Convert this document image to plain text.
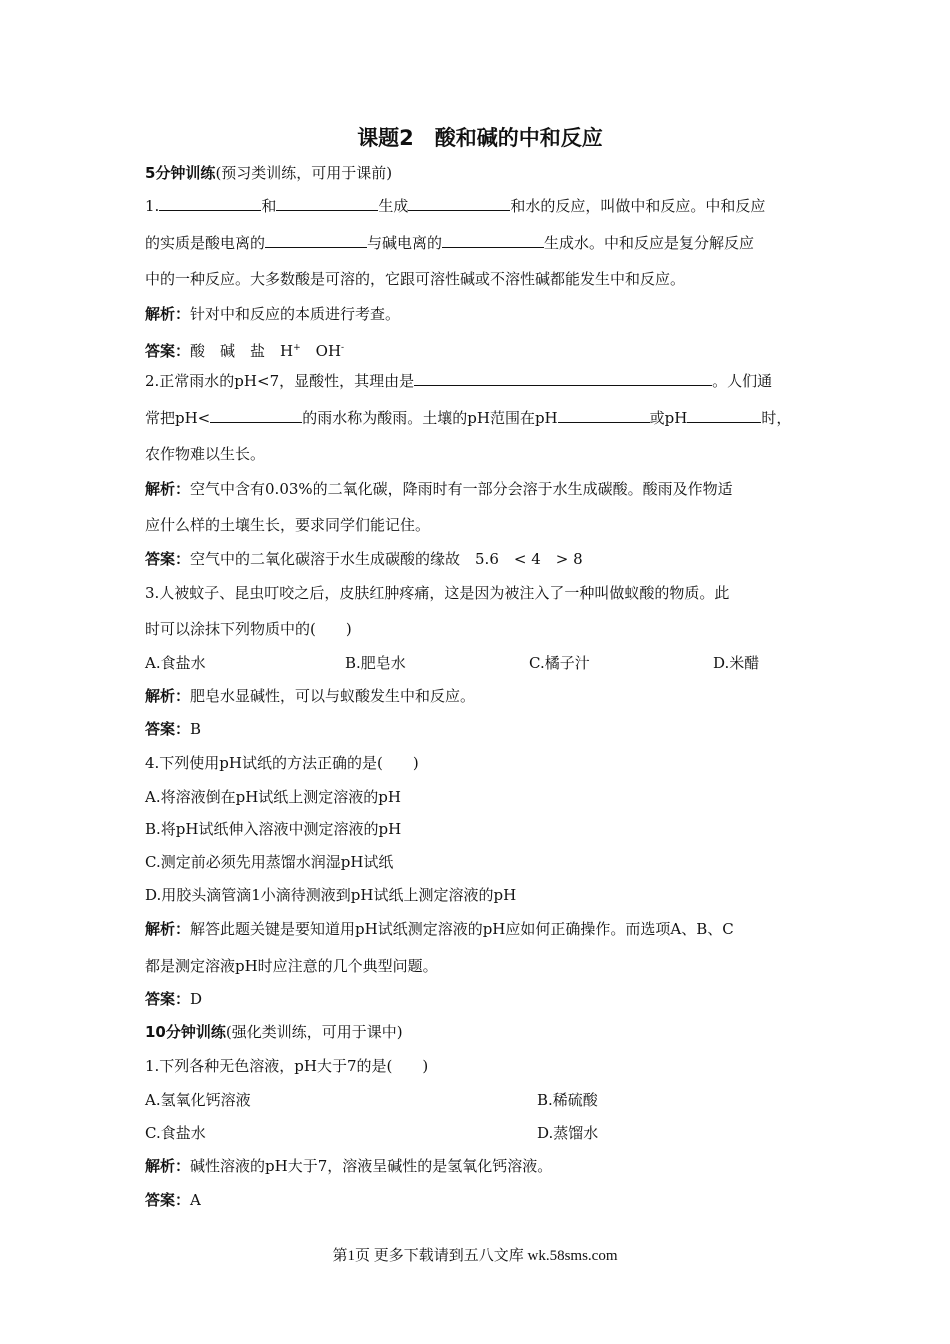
课题2　酸和碱的中和反应
5分钟训练(预习类训练，可用于课前)
1.	和	生成	和水的反应，叫做中和反应。中和反应
的实质是酸电离的	与碱电离的	生成水。中和反应是复分解反应
中的一种反应。大多数酸是可溶的，它跟可溶性碱或不溶性碱都能发生中和反应。
解析：针对中和反应的本质进行考查。
答案：酸　碱　盐　H+　OH-
2.正常雨水的pH<7，显酸性，其理由是	。人们通
常把pH<	的雨水称为酸雨。土壤的pH范围在pH	或pH	时，
农作物难以生长。
解析：空气中含有0.03%的二氧化碳，降雨时有一部分会溶于水生成碳酸。酸雨及作物适
应什么样的土壤生长，要求同学们能记住。
答案：空气中的二氧化碳溶于水生成碳酸的缘故　5.6　< 4　> 8
3.人被蚊子、昆虫叮咬之后，皮肤红肿疼痛，这是因为被注入了一种叫做蚁酸的物质。此
时可以涂抹下列物质中的(　　)
A.食盐水	B.肥皂水	C.橘子汁	D.米醋
解析：肥皂水显碱性，可以与蚁酸发生中和反应。
答案：B
4.下列使用pH试纸的方法正确的是(　　)
A.将溶液倒在pH试纸上测定溶液的pH
B.将pH试纸伸入溶液中测定溶液的pH
C.测定前必须先用蒸馏水润湿pH试纸
D.用胶头滴管滴1小滴待测液到pH试纸上测定溶液的pH
解析：解答此题关键是要知道用pH试纸测定溶液的pH应如何正确操作。而选项A、B、C
都是测定溶液pH时应注意的几个典型问题。
答案：D
10分钟训练(强化类训练，可用于课中)
1.下列各种无色溶液，pH大于7的是(　　)
A.氢氧化钙溶液	B.稀硫酸
C.食盐水	D.蒸馏水
解析：碱性溶液的pH大于7，溶液呈碱性的是氢氧化钙溶液。
答案：A
第1页 更多下载请到五八文库 wk.58sms.com
